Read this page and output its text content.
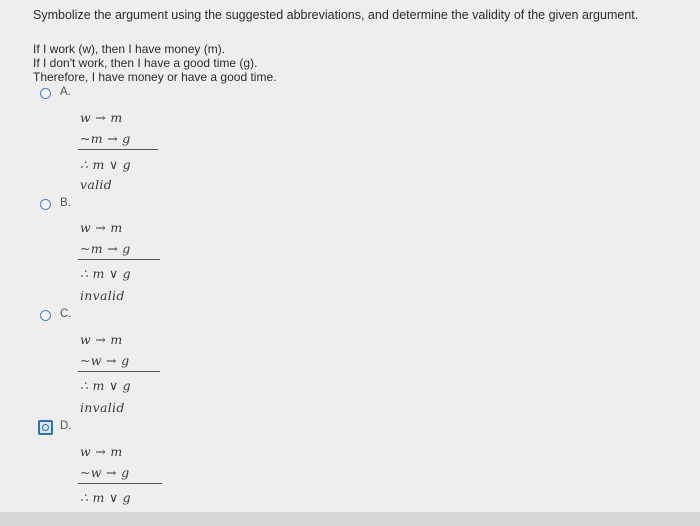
Symbolize the argument using the suggested abbreviations, and determine the validity of the given argument.
If I work (w), then I have money (m).
If I don't work, then I have a good time (g).
Therefore, I have money or have a good time.
A.
w → m
~m → g
∴ m ∨ g
valid
B.
w → m
~m → g
∴ m ∨ g
invalid
C.
w → m
~w → g
∴ m ∨ g
invalid
D.
w → m
~w → g
∴ m ∨ g
